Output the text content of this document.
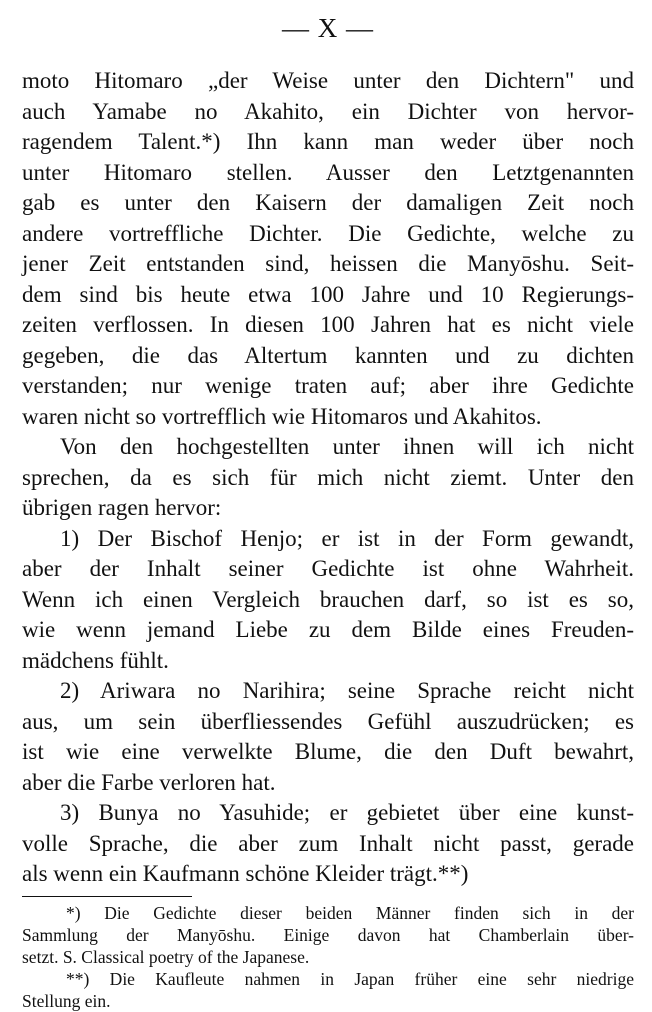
— X —
moto Hitomaro „der Weise unter den Dichtern" und
auch Yamabe no Akahito, ein Dichter von hervor-
ragendem Talent.*) Ihn kann man weder über noch
unter Hitomaro stellen. Ausser den Letztgenannten
gab es unter den Kaisern der damaligen Zeit noch
andere vortreffliche Dichter. Die Gedichte, welche zu
jener Zeit entstanden sind, heissen die Manyōshu. Seit-
dem sind bis heute etwa 100 Jahre und 10 Regierungs-
zeiten verflossen. In diesen 100 Jahren hat es nicht viele
gegeben, die das Altertum kannten und zu dichten
verstanden; nur wenige traten auf; aber ihre Gedichte
waren nicht so vortrefflich wie Hitomaros und Akahitos.
Von den hochgestellten unter ihnen will ich nicht
sprechen, da es sich für mich nicht ziemt. Unter den
übrigen ragen hervor:
1) Der Bischof Henjo; er ist in der Form gewandt,
aber der Inhalt seiner Gedichte ist ohne Wahrheit.
Wenn ich einen Vergleich brauchen darf, so ist es so,
wie wenn jemand Liebe zu dem Bilde eines Freuden-
mädchens fühlt.
2) Ariwara no Narihira; seine Sprache reicht nicht
aus, um sein überfliessendes Gefühl auszudrücken; es
ist wie eine verwelkte Blume, die den Duft bewahrt,
aber die Farbe verloren hat.
3) Bunya no Yasuhide; er gebietet über eine kunst-
volle Sprache, die aber zum Inhalt nicht passt, gerade
als wenn ein Kaufmann schöne Kleider trägt.**)
*) Die Gedichte dieser beiden Männer finden sich in der
Sammlung der Manyōshu. Einige davon hat Chamberlain über-
setzt. S. Classical poetry of the Japanese.
**) Die Kaufleute nahmen in Japan früher eine sehr niedrige
Stellung ein.
